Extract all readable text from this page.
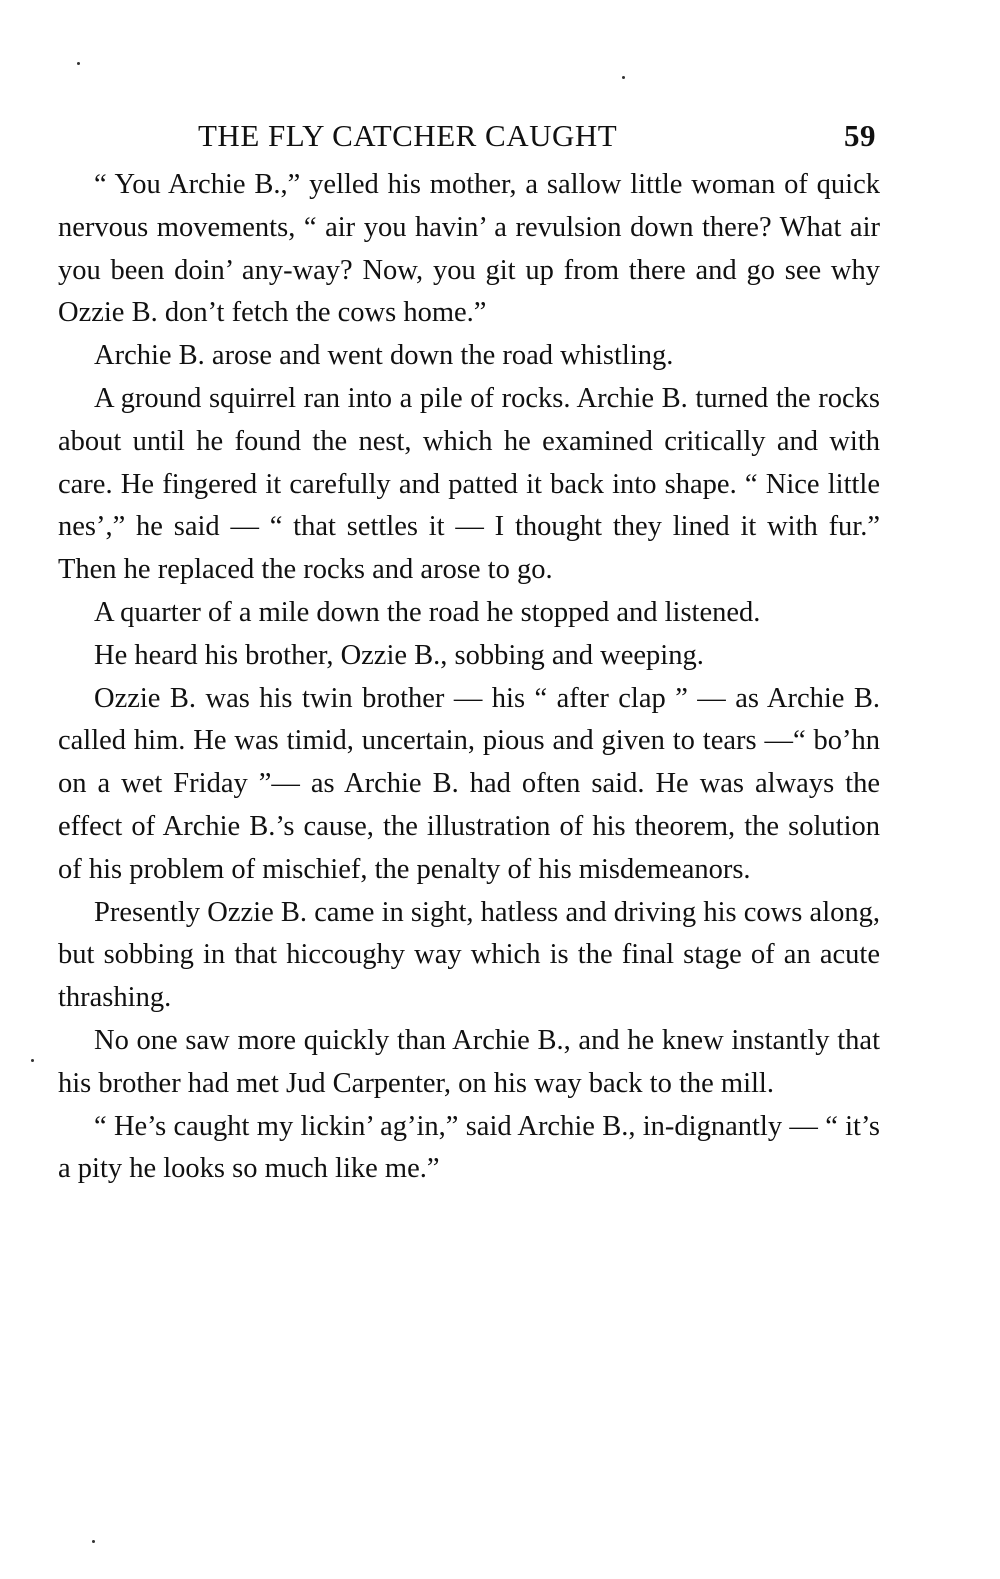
THE FLY CATCHER CAUGHT	59

“ You Archie B.,” yelled his mother, a sallow little woman of quick nervous movements, “ air you havin’ a revulsion down there? What air you been doin’ any-way? Now, you git up from there and go see why Ozzie B. don’t fetch the cows home.”

Archie B. arose and went down the road whistling.

A ground squirrel ran into a pile of rocks. Archie B. turned the rocks about until he found the nest, which he examined critically and with care. He fingered it carefully and patted it back into shape. “ Nice little nes’,” he said — “ that settles it — I thought they lined it with fur.” Then he replaced the rocks and arose to go.

A quarter of a mile down the road he stopped and listened.

He heard his brother, Ozzie B., sobbing and weeping.

Ozzie B. was his twin brother — his “ after clap ” — as Archie B. called him. He was timid, uncertain, pious and given to tears —“ bo’hn on a wet Friday ”— as Archie B. had often said. He was always the effect of Archie B.’s cause, the illustration of his theorem, the solution of his problem of mischief, the penalty of his misdemeanors.

Presently Ozzie B. came in sight, hatless and driving his cows along, but sobbing in that hiccoughy way which is the final stage of an acute thrashing.

No one saw more quickly than Archie B., and he knew instantly that his brother had met Jud Carpenter, on his way back to the mill.

“ He’s caught my lickin’ ag’in,” said Archie B., in-dignantly — “ it’s a pity he looks so much like me.”
